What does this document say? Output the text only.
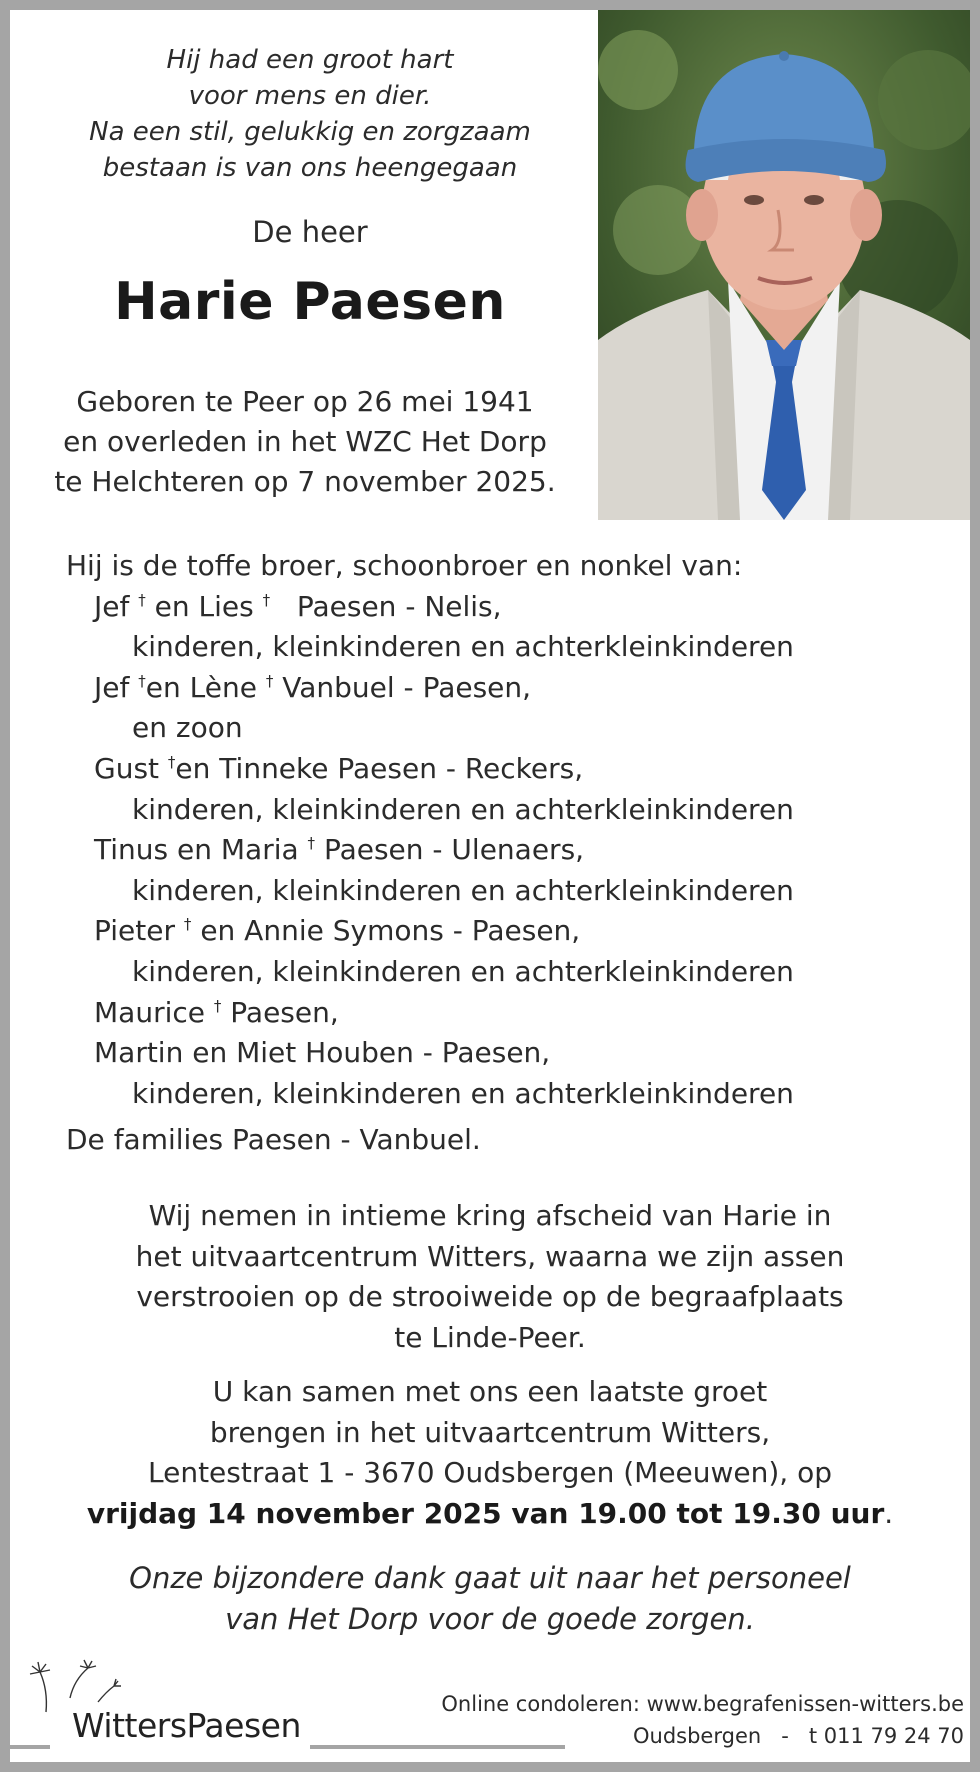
Hij had een groot hart
voor mens en dier.
Na een stil, gelukkig en zorgzaam
bestaan is van ons heengegaan
De heer
Harie Paesen
Geboren te Peer op 26 mei 1941
en overleden in het WZC Het Dorp
te Helchteren op 7 november 2025.
Hij is de toffe broer, schoonbroer en nonkel van:
Jef † en Lies † Paesen - Nelis,
kinderen, kleinkinderen en achterkleinkinderen
Jef †en Lène † Vanbuel - Paesen,
en zoon
Gust †en Tinneke Paesen - Reckers,
kinderen, kleinkinderen en achterkleinkinderen
Tinus en Maria † Paesen - Ulenaers,
kinderen, kleinkinderen en achterkleinkinderen
Pieter † en Annie Symons - Paesen,
kinderen, kleinkinderen en achterkleinkinderen
Maurice † Paesen,
Martin en Miet Houben - Paesen,
kinderen, kleinkinderen en achterkleinkinderen
De families Paesen - Vanbuel.
Wij nemen in intieme kring afscheid van Harie in
het uitvaartcentrum Witters, waarna we zijn assen
verstrooien op de strooiweide op de begraafplaats
te Linde-Peer.
U kan samen met ons een laatste groet
brengen in het uitvaartcentrum Witters,
Lentestraat 1 - 3670 Oudsbergen (Meeuwen), op
vrijdag 14 november 2025 van 19.00 tot 19.30 uur.
Onze bijzondere dank gaat uit naar het personeel
van Het Dorp voor de goede zorgen.
WittersPaesen
Online condoleren: www.begrafenissen-witters.be
Oudsbergen - t 011 79 24 70
